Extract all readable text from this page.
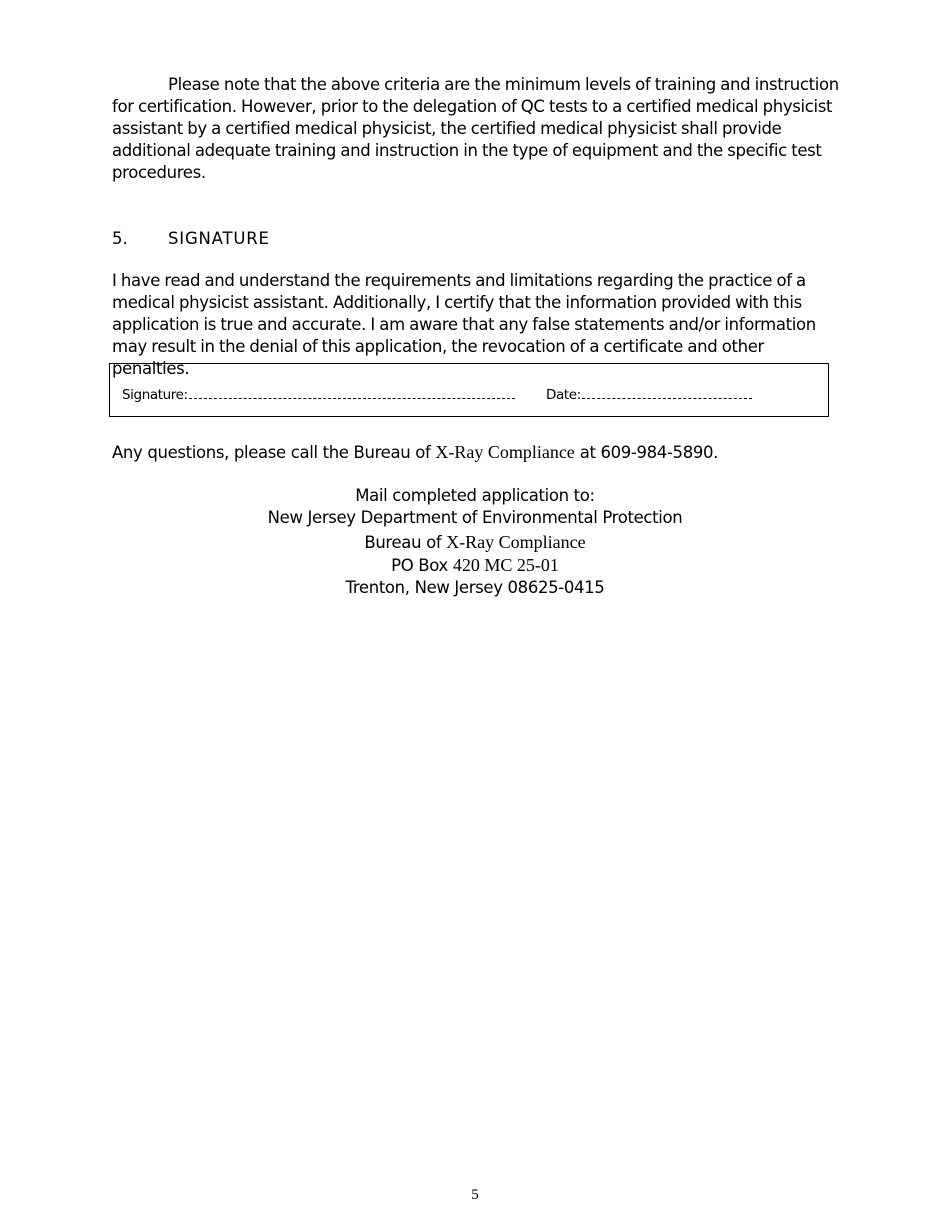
Please note that the above criteria are the minimum levels of training and instruction for certification. However, prior to the delegation of QC tests to a certified medical physicist assistant by a certified medical physicist, the certified medical physicist shall provide additional adequate training and instruction in the type of equipment and the specific test procedures.

5. SIGNATURE

I have read and understand the requirements and limitations regarding the practice of a medical physicist assistant. Additionally, I certify that the information provided with this application is true and accurate. I am aware that any false statements and/or information may result in the denial of this application, the revocation of a certificate and other penalties.

Signature:	Date:

Any questions, please call the Bureau of X-Ray Compliance at 609-984-5890.

Mail completed application to:
New Jersey Department of Environmental Protection
Bureau of X-Ray Compliance
PO Box 420 MC 25-01
Trenton, New Jersey 08625-0415
5
